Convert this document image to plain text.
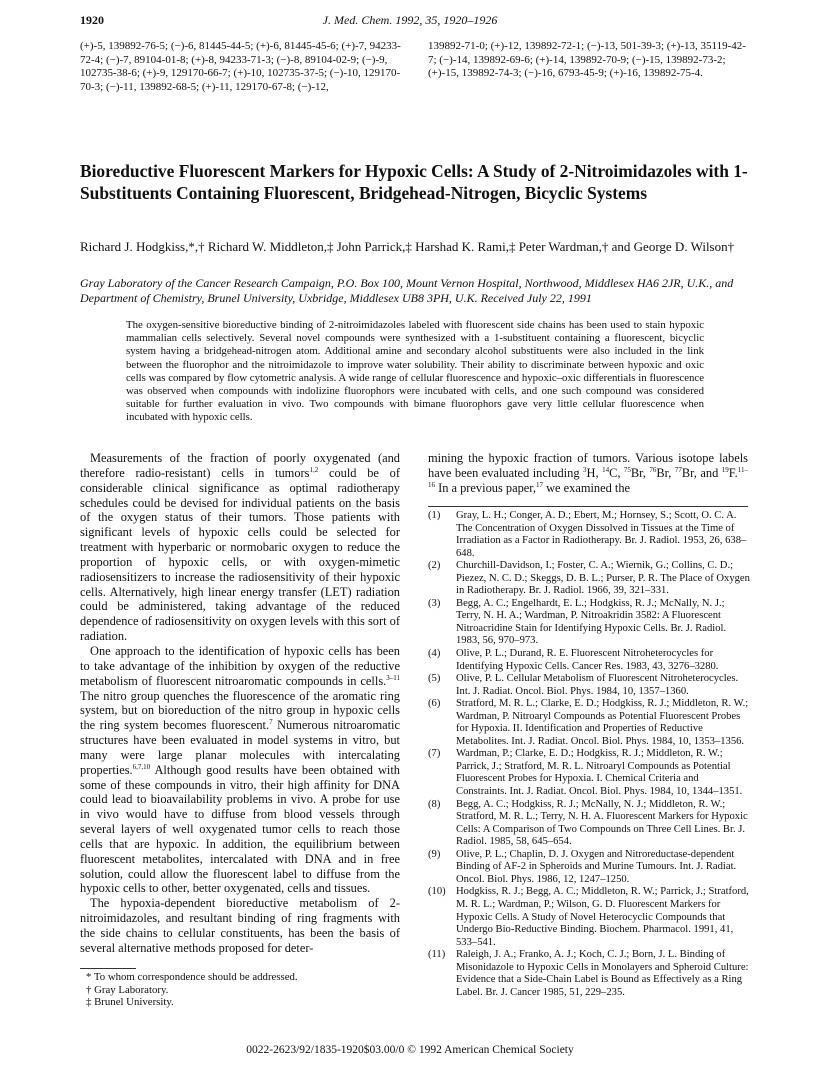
1920	J. Med. Chem. 1992, 35, 1920–1926
(+)-5, 139892-76-5; (−)-6, 81445-44-5; (+)-6, 81445-45-6; (+)-7, 94233-72-4; (−)-7, 89104-01-8; (+)-8, 94233-71-3; (−)-8, 89104-02-9; (−)-9, 102735-38-6; (+)-9, 129170-66-7; (+)-10, 102735-37-5; (−)-10, 129170-70-3; (−)-11, 139892-68-5; (+)-11, 129170-67-8; (−)-12,
139892-71-0; (+)-12, 139892-72-1; (−)-13, 501-39-3; (+)-13, 35119-42-7; (−)-14, 139892-69-6; (+)-14, 139892-70-9; (−)-15, 139892-73-2; (+)-15, 139892-74-3; (−)-16, 6793-45-9; (+)-16, 139892-75-4.
Bioreductive Fluorescent Markers for Hypoxic Cells: A Study of 2-Nitroimidazoles with 1-Substituents Containing Fluorescent, Bridgehead-Nitrogen, Bicyclic Systems
Richard J. Hodgkiss,*,† Richard W. Middleton,‡ John Parrick,‡ Harshad K. Rami,‡ Peter Wardman,† and George D. Wilson†
Gray Laboratory of the Cancer Research Campaign, P.O. Box 100, Mount Vernon Hospital, Northwood, Middlesex HA6 2JR, U.K., and Department of Chemistry, Brunel University, Uxbridge, Middlesex UB8 3PH, U.K. Received July 22, 1991
The oxygen-sensitive bioreductive binding of 2-nitroimidazoles labeled with fluorescent side chains has been used to stain hypoxic mammalian cells selectively. Several novel compounds were synthesized with a 1-substituent containing a fluorescent, bicyclic system having a bridgehead-nitrogen atom. Additional amine and secondary alcohol substituents were also included in the link between the fluorophor and the nitroimidazole to improve water solubility. Their ability to discriminate between hypoxic and oxic cells was compared by flow cytometric analysis. A wide range of cellular fluorescence and hypoxic–oxic differentials in fluorescence was observed when compounds with indolizine fluorophors were incubated with cells, and one such compound was considered suitable for further evaluation in vivo. Two compounds with bimane fluorophors gave very little cellular fluorescence when incubated with hypoxic cells.

Measurements of the fraction of poorly oxygenated (and therefore radio-resistant) cells in tumors$^{1,2}$ could be of considerable clinical significance as optimal radiotherapy schedules could be devised for individual patients on the basis of the oxygen status of their tumors. Those patients with significant levels of hypoxic cells could be selected for treatment with hyperbaric or normobaric oxygen to reduce the proportion of hypoxic cells, or with oxygen-mimetic radiosensitizers to increase the radiosensitivity of their hypoxic cells. Alternatively, high linear energy transfer (LET) radiation could be administered, taking advantage of the reduced dependence of radiosensitivity on oxygen levels with this sort of radiation.

One approach to the identification of hypoxic cells has been to take advantage of the inhibition by oxygen of the reductive metabolism of fluorescent nitroaromatic compounds in cells.$^{3-11}$ The nitro group quenches the fluorescence of the aromatic ring system, but on bioreduction of the nitro group in hypoxic cells the ring system becomes fluorescent.$^7$ Numerous nitroaromatic structures have been evaluated in model systems in vitro, but many were large planar molecules with intercalating properties.$^{6,7,10}$ Although good results have been obtained with some of these compounds in vitro, their high affinity for DNA could lead to bioavailability problems in vivo. A probe for use in vivo would have to diffuse from blood vessels through several layers of well oxygenated tumor cells to reach those cells that are hypoxic. In addition, the equilibrium between fluorescent metabolites, intercalated with DNA and in free solution, could allow the fluorescent label to diffuse from the hypoxic cells to other, better oxygenated, cells and tissues.

The hypoxia-dependent bioreductive metabolism of 2-nitroimidazoles, and resultant binding of ring fragments with the side chains to cellular constituents, has been the basis of several alternative methods proposed for deter-

mining the hypoxic fraction of tumors. Various isotope labels have been evaluated including $^3$H, $^{14}$C, $^{75}$Br, $^{76}$Br, $^{77}$Br, and $^{19}$F.$^{11-16}$ In a previous paper,$^{17}$ we examined the

(1)	Gray, L. H.; Conger, A. D.; Ebert, M.; Hornsey, S.; Scott, O. C. A. The Concentration of Oxygen Dissolved in Tissues at the Time of Irradiation as a Factor in Radiotherapy. Br. J. Radiol. 1953, 26, 638–648.
(2)	Churchill-Davidson, I.; Foster, C. A.; Wiernik, G.; Collins, C. D.; Piezez, N. C. D.; Skeggs, D. B. L.; Purser, P. R. The Place of Oxygen in Radiotherapy. Br. J. Radiol. 1966, 39, 321–331.
(3)	Begg, A. C.; Engelhardt, E. L.; Hodgkiss, R. J.; McNally, N. J.; Terry, N. H. A.; Wardman, P. Nitroakridin 3582: A Fluorescent Nitroacridine Stain for Identifying Hypoxic Cells. Br. J. Radiol. 1983, 56, 970–973.
(4)	Olive, P. L.; Durand, R. E. Fluorescent Nitroheterocycles for Identifying Hypoxic Cells. Cancer Res. 1983, 43, 3276–3280.
(5)	Olive, P. L. Cellular Metabolism of Fluorescent Nitroheterocycles. Int. J. Radiat. Oncol. Biol. Phys. 1984, 10, 1357–1360.
(6)	Stratford, M. R. L.; Clarke, E. D.; Hodgkiss, R. J.; Middleton, R. W.; Wardman, P. Nitroaryl Compounds as Potential Fluorescent Probes for Hypoxia. II. Identification and Properties of Reductive Metabolites. Int. J. Radiat. Oncol. Biol. Phys. 1984, 10, 1353–1356.
(7)	Wardman, P.; Clarke, E. D.; Hodgkiss, R. J.; Middleton, R. W.; Parrick, J.; Stratford, M. R. L. Nitroaryl Compounds as Potential Fluorescent Probes for Hypoxia. I. Chemical Criteria and Constraints. Int. J. Radiat. Oncol. Biol. Phys. 1984, 10, 1344–1351.
(8)	Begg, A. C.; Hodgkiss, R. J.; McNally, N. J.; Middleton, R. W.; Stratford, M. R. L.; Terry, N. H. A. Fluorescent Markers for Hypoxic Cells: A Comparison of Two Compounds on Three Cell Lines. Br. J. Radiol. 1985, 58, 645–654.
(9)	Olive, P. L.; Chaplin, D. J. Oxygen and Nitroreductase-dependent Binding of AF-2 in Spheroids and Murine Tumours. Int. J. Radiat. Oncol. Biol. Phys. 1986, 12, 1247–1250.
(10) Hodgkiss, R. J.; Begg, A. C.; Middleton, R. W.; Parrick, J.; Stratford, M. R. L.; Wardman, P.; Wilson, G. D. Fluorescent Markers for Hypoxic Cells. A Study of Novel Heterocyclic Compounds that Undergo Bio-Reductive Binding. Biochem. Pharmacol. 1991, 41, 533–541.
(11)	Raleigh, J. A.; Franko, A. J.; Koch, C. J.; Born, J. L. Binding of Misonidazole to Hypoxic Cells in Monolayers and Spheroid Culture: Evidence that a Side-Chain Label is Bound as Effectively as a Ring Label. Br. J. Cancer 1985, 51, 229–235.
* To whom correspondence should be addressed.
† Gray Laboratory.
‡ Brunel University.
0022-2623/92/1835-1920$03.00/0 © 1992 American Chemical Society
